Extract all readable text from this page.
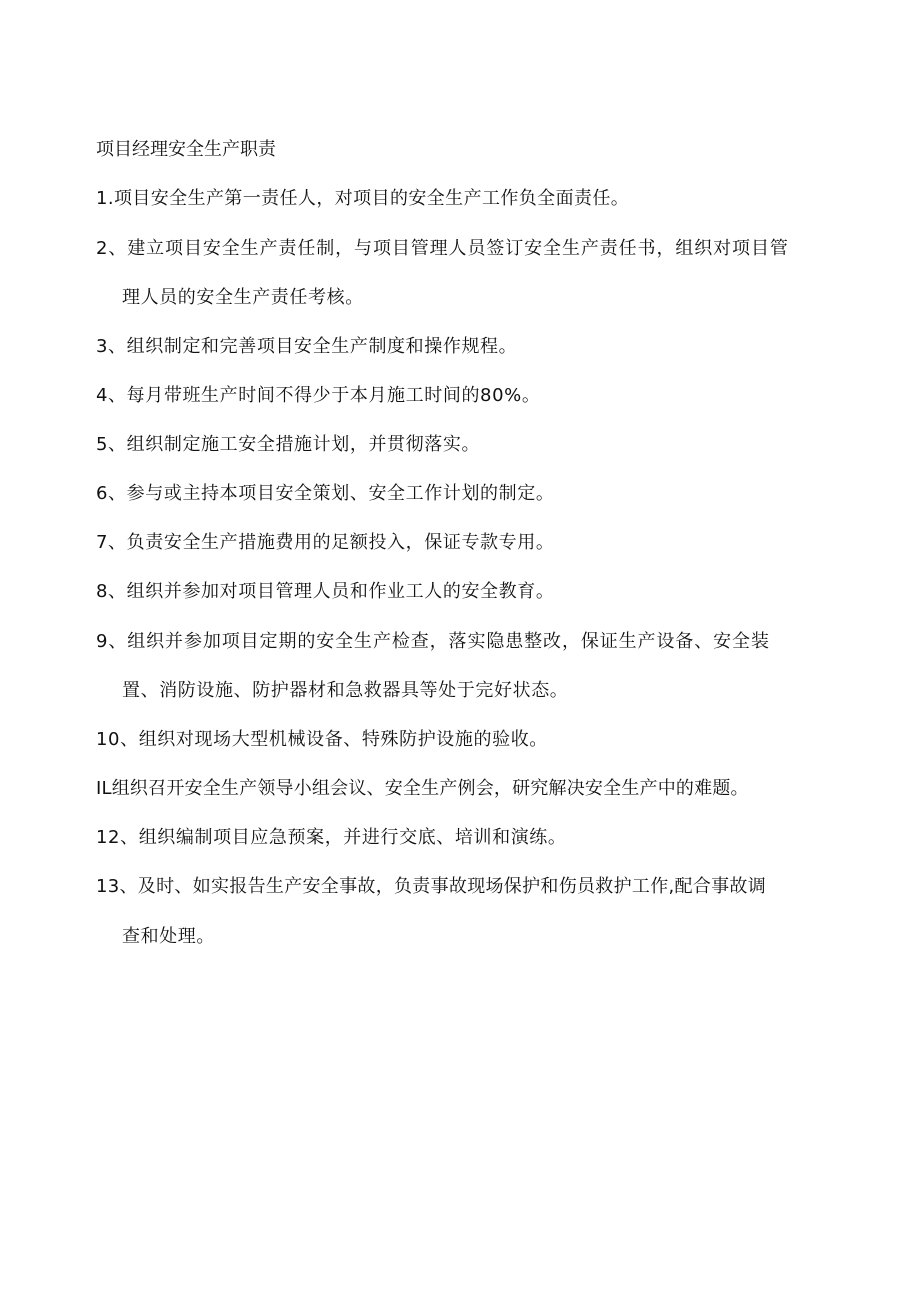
项目经理安全生产职责
1.项目安全生产第一责任人，对项目的安全生产工作负全面责任。
2、建立项目安全生产责任制，与项目管理人员签订安全生产责任书，组织对项目管
理人员的安全生产责任考核。
3、组织制定和完善项目安全生产制度和操作规程。
4、每月带班生产时间不得少于本月施工时间的80%。
5、组织制定施工安全措施计划，并贯彻落实。
6、参与或主持本项目安全策划、安全工作计划的制定。
7、负责安全生产措施费用的足额投入，保证专款专用。
8、组织并参加对项目管理人员和作业工人的安全教育。
9、组织并参加项目定期的安全生产检查，落实隐患整改，保证生产设备、安全装
置、消防设施、防护器材和急救器具等处于完好状态。
10、组织对现场大型机械设备、特殊防护设施的验收。
IL组织召开安全生产领导小组会议、安全生产例会，研究解决安全生产中的难题。
12、组织编制项目应急预案，并进行交底、培训和演练。
13、及时、如实报告生产安全事故，负责事故现场保护和伤员救护工作,配合事故调
查和处理。
